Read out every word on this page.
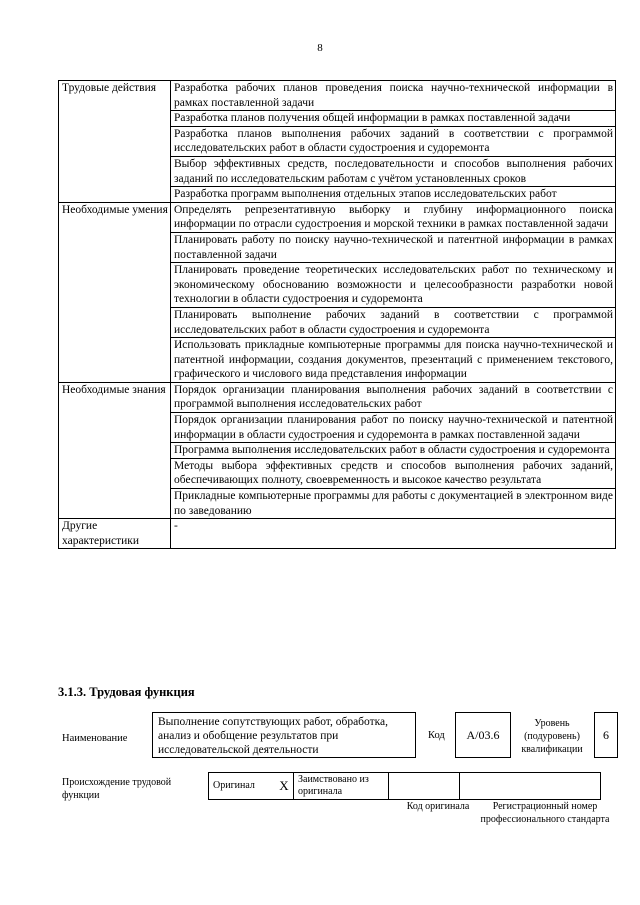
8
Трудовые действия	Разработка рабочих планов проведения поиска научно-технической информации в рамках поставленной задачи
	Разработка планов получения общей информации в рамках поставленной задачи
	Разработка планов выполнения рабочих заданий в соответствии с программой исследовательских работ в области судостроения и судоремонта
	Выбор эффективных средств, последовательности и способов выполнения рабочих заданий по исследовательским работам с учётом установленных сроков
	Разработка программ выполнения отдельных этапов исследовательских работ
Необходимые умения	Определять репрезентативную выборку и глубину информационного поиска информации по отрасли судостроения и морской техники в рамках поставленной задачи
	Планировать работу по поиску научно-технической и патентной информации в рамках поставленной задачи
	Планировать проведение теоретических исследовательских работ по техническому и экономическому обоснованию возможности и целесообразности разработки новой технологии в области судостроения и судоремонта
	Планировать выполнение рабочих заданий в соответствии с программой исследовательских работ в области судостроения и судоремонта
	Использовать прикладные компьютерные программы для поиска научно-технической и патентной информации, создания документов, презентаций с применением текстового, графического и числового вида представления информации
Необходимые знания	Порядок организации планирования выполнения рабочих заданий в соответствии с программой выполнения исследовательских работ
	Порядок организации планирования работ по поиску научно-технической и патентной информации в области судостроения и судоремонта в рамках поставленной задачи
	Программа выполнения исследовательских работ в области судостроения и судоремонта
	Методы выбора эффективных средств и способов выполнения рабочих заданий, обеспечивающих полноту, своевременность и высокое качество результата
	Прикладные компьютерные программы для работы с документацией в электронном виде по заведованию
Другие характеристики	-
3.1.3. Трудовая функция
Наименование
Выполнение сопутствующих работ, обработка, анализ и обобщение результатов при исследовательской деятельности
Код	A/03.6
Уровень (подуровень) квалификации
6
Происхождение трудовой функции
Оригинал	X	Заимствовано из оригинала		
Код оригинала	Регистрационный номер профессионального стандарта
